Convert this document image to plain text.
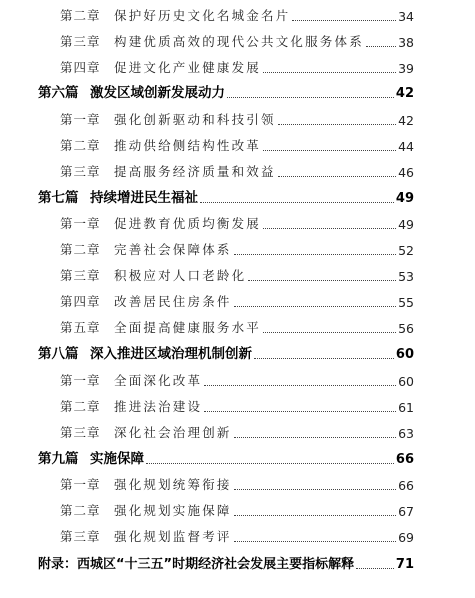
第二章	保护好历史文化名城金名片	34
第三章	构建优质高效的现代公共文化服务体系	38
第四章	促进文化产业健康发展	39
第六篇 激发区域创新发展动力	42
第一章	强化创新驱动和科技引领	42
第二章	推动供给侧结构性改革	44
第三章	提高服务经济质量和效益	46
第七篇 持续增进民生福祉	49
第一章	促进教育优质均衡发展	49
第二章	完善社会保障体系	52
第三章	积极应对人口老龄化	53
第四章	改善居民住房条件	55
第五章	全面提高健康服务水平	56
第八篇 深入推进区域治理机制创新	60
第一章	全面深化改革	60
第二章	推进法治建设	61
第三章	深化社会治理创新	63
第九篇 实施保障	66
第一章	强化规划统筹衔接	66
第二章	强化规划实施保障	67
第三章	强化规划监督考评	69
附录：西城区“十三五”时期经济社会发展主要指标解释	71
